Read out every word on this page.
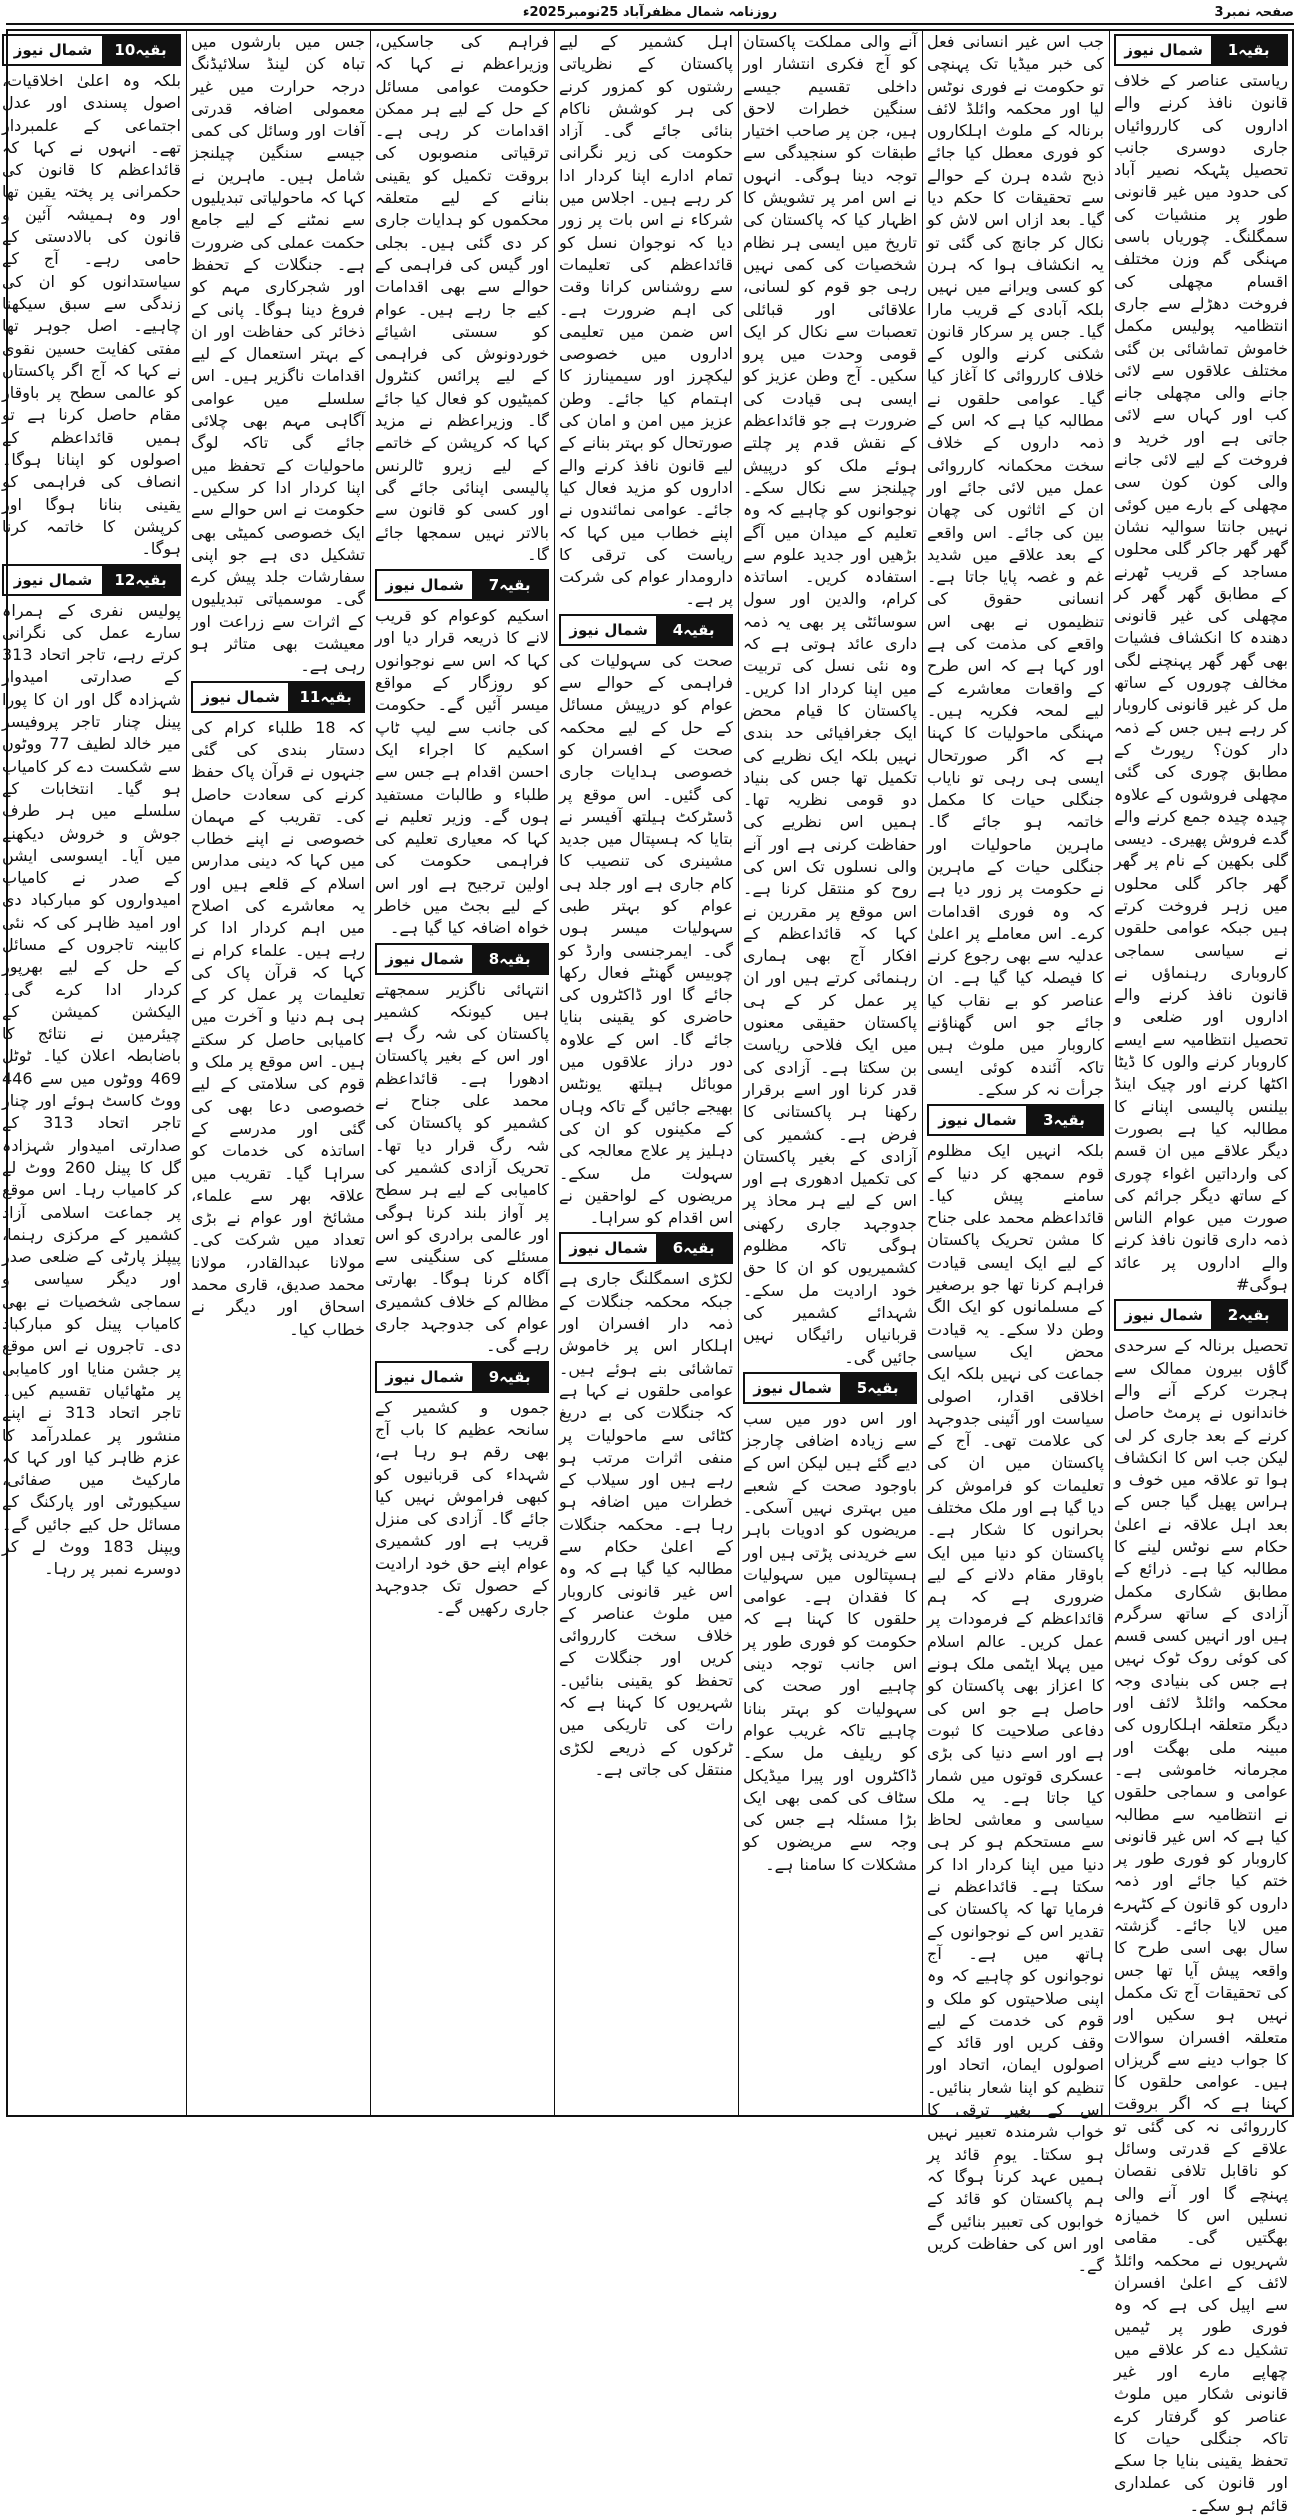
صفحہ نمبر3
روزنامہ شمال مظفرآباد 25نومبر2025ء
بقیہ1
شمال نیوز
ریاستی عناصر کے خلاف قانون نافذ کرنے والے اداروں کی کارروائیاں جاری دوسری جانب تحصیل پٹہکہ نصیر آباد کی حدود میں غیر قانونی طور پر منشیات کی سمگلنگ۔ چوریاں باسی مہنگی گم وزن مختلف اقسام مچھلی کی فروخت دھڑلے سے جاری انتظامیہ پولیس مکمل خاموش تماشائی بن گئی مختلف علاقوں سے لائی جانے والی مچھلی جانے کب اور کہاں سے لائی جاتی ہے اور خرید و فروخت کے لیے لائی جانے والی کون کون سی مچھلی کے بارے میں کوئی نہیں جانتا سوالیہ نشان گھر گھر جاکر گلی محلوں مساجد کے قریب ٹھرنے کے مطابق گھر گھر کر مچھلی کی غیر قانونی دھندہ کا انکشاف فشیات بھی گھر گھر پہنچنے لگی مخالف چوروں کے ساتھ مل کر غیر قانونی کاروبار کر رہے ہیں جس کے ذمہ دار کون؟ رپورٹ کے مطابق چوری کی گئی مچھلی فروشوں کے علاوہ چیدہ چیدہ جمع کرنے والے گدے فروش پھیری۔ دیسی گلی بکھین کے نام پر گھر گھر جاکر گلی محلوں میں زہر فروخت کرتے ہیں جبکہ عوامی حلقوں نے سیاسی سماجی کاروباری رہنماؤں نے قانون نافذ کرنے والے اداروں اور ضلعی و تحصیل انتظامیہ سے ایسے کاروبار کرنے والوں کا ڈیٹا اکٹھا کرنے اور چیک اینڈ بیلنس پالیسی اپنانے کا مطالبہ کیا ہے بصورت دیگر علاقے میں ان قسم کی وارداتیں اغواء چوری کے ساتھ دیگر جرائم کی صورت میں عوام الناس ذمہ داری قانون نافذ کرنے والے اداروں پر عائد ہوگی#
بقیہ2
شمال نیوز
تحصیل برنالہ کے سرحدی گاؤں بیرون ممالک سے ہجرت کرکے آنے والے خاندانوں نے پرمٹ حاصل کرنے کے بعد جاری کر لی لیکن جب اس کا انکشاف ہوا تو علاقہ میں خوف و ہراس پھیل گیا جس کے بعد اہل علاقہ نے اعلیٰ حکام سے نوٹس لینے کا مطالبہ کیا ہے۔ ذرائع کے مطابق شکاری مکمل آزادی کے ساتھ سرگرم ہیں اور انہیں کسی قسم کی کوئی روک ٹوک نہیں ہے جس کی بنیادی وجہ محکمہ وائلڈ لائف اور دیگر متعلقہ اہلکاروں کی مبینہ ملی بھگت اور مجرمانہ خاموشی ہے۔ عوامی و سماجی حلقوں نے انتظامیہ سے مطالبہ کیا ہے کہ اس غیر قانونی کاروبار کو فوری طور پر ختم کیا جائے اور ذمہ داروں کو قانون کے کٹہرے میں لایا جائے۔ گزشتہ سال بھی اسی طرح کا واقعہ پیش آیا تھا جس کی تحقیقات آج تک مکمل نہیں ہو سکیں اور متعلقہ افسران سوالات کا جواب دینے سے گریزاں ہیں۔ عوامی حلقوں کا کہنا ہے کہ اگر بروقت کارروائی نہ کی گئی تو علاقے کے قدرتی وسائل کو ناقابل تلافی نقصان پہنچے گا اور آنے والی نسلیں اس کا خمیازہ بھگتیں گی۔ مقامی شہریوں نے محکمہ وائلڈ لائف کے اعلیٰ افسران سے اپیل کی ہے کہ وہ فوری طور پر ٹیمیں تشکیل دے کر علاقے میں چھاپے مارے اور غیر قانونی شکار میں ملوث عناصر کو گرفتار کرے تاکہ جنگلی حیات کا تحفظ یقینی بنایا جا سکے اور قانون کی عملداری قائم ہو سکے۔
جب اس غیر انسانی فعل کی خبر میڈیا تک پہنچی تو حکومت نے فوری نوٹس لیا اور محکمہ وائلڈ لائف برنالہ کے ملوث اہلکاروں کو فوری معطل کیا جائے ذبح شدہ ہرن کے حوالے سے تحقیقات کا حکم دیا گیا۔ بعد ازاں اس لاش کو نکال کر جانچ کی گئی تو یہ انکشاف ہوا کہ ہرن کو کسی ویرانے میں نہیں بلکہ آبادی کے قریب مارا گیا۔ جس پر سرکار قانون شکنی کرنے والوں کے خلاف کارروائی کا آغاز کیا گیا۔ عوامی حلقوں نے مطالبہ کیا ہے کہ اس کے ذمہ داروں کے خلاف سخت محکمانہ کارروائی عمل میں لائی جائے اور ان کے اثاثوں کی چھان بین کی جائے۔ اس واقعے کے بعد علاقے میں شدید غم و غصہ پایا جاتا ہے۔ انسانی حقوق کی تنظیموں نے بھی اس واقعے کی مذمت کی ہے اور کہا ہے کہ اس طرح کے واقعات معاشرے کے لیے لمحہ فکریہ ہیں۔ مہنگی ماحولیات کا کہنا ہے کہ اگر صورتحال ایسی ہی رہی تو نایاب جنگلی حیات کا مکمل خاتمہ ہو جائے گا۔ ماہرین ماحولیات اور جنگلی حیات کے ماہرین نے حکومت پر زور دیا ہے کہ وہ فوری اقدامات کرے۔ اس معاملے پر اعلیٰ عدلیہ سے بھی رجوع کرنے کا فیصلہ کیا گیا ہے۔ ان عناصر کو بے نقاب کیا جائے جو اس گھناؤنے کاروبار میں ملوث ہیں تاکہ آئندہ کوئی ایسی جرأت نہ کر سکے۔
بقیہ3
شمال نیوز
بلکہ انہیں ایک مظلوم قوم سمجھ کر دنیا کے سامنے پیش کیا۔ قائداعظم محمد علی جناح کا مشن تحریک پاکستان کے لیے ایک ایسی قیادت فراہم کرنا تھا جو برصغیر کے مسلمانوں کو ایک الگ وطن دلا سکے۔ یہ قیادت محض ایک سیاسی جماعت کی نہیں بلکہ ایک اخلاقی اقدار، اصولی سیاست اور آئینی جدوجہد کی علامت تھی۔ آج کے پاکستان میں ان کی تعلیمات کو فراموش کر دیا گیا ہے اور ملک مختلف بحرانوں کا شکار ہے۔ پاکستان کو دنیا میں ایک باوقار مقام دلانے کے لیے ضروری ہے کہ ہم قائداعظم کے فرمودات پر عمل کریں۔ عالم اسلام میں پہلا ایٹمی ملک ہونے کا اعزاز بھی پاکستان کو حاصل ہے جو اس کی دفاعی صلاحیت کا ثبوت ہے اور اسے دنیا کی بڑی عسکری قوتوں میں شمار کیا جاتا ہے۔ یہ ملک سیاسی و معاشی لحاظ سے مستحکم ہو کر ہی دنیا میں اپنا کردار ادا کر سکتا ہے۔ قائداعظم نے فرمایا تھا کہ پاکستان کی تقدیر اس کے نوجوانوں کے ہاتھ میں ہے۔ آج نوجوانوں کو چاہیے کہ وہ اپنی صلاحیتوں کو ملک و قوم کی خدمت کے لیے وقف کریں اور قائد کے اصولوں ایمان، اتحاد اور تنظیم کو اپنا شعار بنائیں۔ اس کے بغیر ترقی کا خواب شرمندہ تعبیر نہیں ہو سکتا۔ یومِ قائد پر ہمیں عہد کرنا ہوگا کہ ہم پاکستان کو قائد کے خوابوں کی تعبیر بنائیں گے اور اس کی حفاظت کریں گے۔
آنے والی مملکت پاکستان کو آج فکری انتشار اور داخلی تقسیم جیسے سنگین خطرات لاحق ہیں، جن پر صاحب اختیار طبقات کو سنجیدگی سے توجہ دینا ہوگی۔ انہوں نے اس امر پر تشویش کا اظہار کیا کہ پاکستان کی تاریخ میں ایسی ہر نظام شخصیات کی کمی نہیں رہی جو قوم کو لسانی، علاقائی اور قبائلی تعصبات سے نکال کر ایک قومی وحدت میں پرو سکیں۔ آج وطن عزیز کو ایسی ہی قیادت کی ضرورت ہے جو قائداعظم کے نقش قدم پر چلتے ہوئے ملک کو درپیش چیلنجز سے نکال سکے۔ نوجوانوں کو چاہیے کہ وہ تعلیم کے میدان میں آگے بڑھیں اور جدید علوم سے استفادہ کریں۔ اساتذہ کرام، والدین اور سول سوسائٹی پر بھی یہ ذمہ داری عائد ہوتی ہے کہ وہ نئی نسل کی تربیت میں اپنا کردار ادا کریں۔ پاکستان کا قیام محض ایک جغرافیائی حد بندی نہیں بلکہ ایک نظریے کی تکمیل تھا جس کی بنیاد دو قومی نظریہ تھا۔ ہمیں اس نظریے کی حفاظت کرنی ہے اور آنے والی نسلوں تک اس کی روح کو منتقل کرنا ہے۔ اس موقع پر مقررین نے کہا کہ قائداعظم کے افکار آج بھی ہماری رہنمائی کرتے ہیں اور ان پر عمل کر کے ہی پاکستان حقیقی معنوں میں ایک فلاحی ریاست بن سکتا ہے۔ آزادی کی قدر کرنا اور اسے برقرار رکھنا ہر پاکستانی کا فرض ہے۔ کشمیر کی آزادی کے بغیر پاکستان کی تکمیل ادھوری ہے اور اس کے لیے ہر محاذ پر جدوجہد جاری رکھنی ہوگی تاکہ مظلوم کشمیریوں کو ان کا حق خود ارادیت مل سکے۔ شہدائے کشمیر کی قربانیاں رائیگاں نہیں جائیں گی۔
بقیہ5
شمال نیوز
اور اس دور میں سب سے زیادہ اضافی چارجز دیے گئے ہیں لیکن اس کے باوجود صحت کے شعبے میں بہتری نہیں آسکی۔ مریضوں کو ادویات باہر سے خریدنی پڑتی ہیں اور ہسپتالوں میں سہولیات کا فقدان ہے۔ عوامی حلقوں کا کہنا ہے کہ حکومت کو فوری طور پر اس جانب توجہ دینی چاہیے اور صحت کی سہولیات کو بہتر بنانا چاہیے تاکہ غریب عوام کو ریلیف مل سکے۔ ڈاکٹروں اور پیرا میڈیکل سٹاف کی کمی بھی ایک بڑا مسئلہ ہے جس کی وجہ سے مریضوں کو مشکلات کا سامنا ہے۔
اہل کشمیر کے لیے پاکستان کے نظریاتی رشتوں کو کمزور کرنے کی ہر کوشش ناکام بنائی جائے گی۔ آزاد حکومت کی زیر نگرانی تمام ادارے اپنا کردار ادا کر رہے ہیں۔ اجلاس میں شرکاء نے اس بات پر زور دیا کہ نوجوان نسل کو قائداعظم کی تعلیمات سے روشناس کرانا وقت کی اہم ضرورت ہے۔ اس ضمن میں تعلیمی اداروں میں خصوصی لیکچرز اور سیمینارز کا اہتمام کیا جائے۔ وطن عزیز میں امن و امان کی صورتحال کو بہتر بنانے کے لیے قانون نافذ کرنے والے اداروں کو مزید فعال کیا جائے۔ عوامی نمائندوں نے اپنے خطاب میں کہا کہ ریاست کی ترقی کا دارومدار عوام کی شرکت پر ہے۔
بقیہ4
شمال نیوز
صحت کی سہولیات کی فراہمی کے حوالے سے عوام کو درپیش مسائل کے حل کے لیے محکمہ صحت کے افسران کو خصوصی ہدایات جاری کی گئیں۔ اس موقع پر ڈسٹرکٹ ہیلتھ آفیسر نے بتایا کہ ہسپتال میں جدید مشینری کی تنصیب کا کام جاری ہے اور جلد ہی عوام کو بہتر طبی سہولیات میسر ہوں گی۔ ایمرجنسی وارڈ کو چوبیس گھنٹے فعال رکھا جائے گا اور ڈاکٹروں کی حاضری کو یقینی بنایا جائے گا۔ اس کے علاوہ دور دراز علاقوں میں موبائل ہیلتھ یونٹس بھیجے جائیں گے تاکہ وہاں کے مکینوں کو ان کی دہلیز پر علاج معالجہ کی سہولت مل سکے۔ مریضوں کے لواحقین نے اس اقدام کو سراہا۔
بقیہ6
شمال نیوز
لکڑی اسمگلنگ جاری ہے جبکہ محکمہ جنگلات کے ذمہ دار افسران اور اہلکار اس پر خاموش تماشائی بنے ہوئے ہیں۔ عوامی حلقوں نے کہا ہے کہ جنگلات کی بے دریغ کٹائی سے ماحولیات پر منفی اثرات مرتب ہو رہے ہیں اور سیلاب کے خطرات میں اضافہ ہو رہا ہے۔ محکمہ جنگلات کے اعلیٰ حکام سے مطالبہ کیا گیا ہے کہ وہ اس غیر قانونی کاروبار میں ملوث عناصر کے خلاف سخت کارروائی کریں اور جنگلات کے تحفظ کو یقینی بنائیں۔ شہریوں کا کہنا ہے کہ رات کی تاریکی میں ٹرکوں کے ذریعے لکڑی منتقل کی جاتی ہے۔
فراہم کی جاسکیں، وزیراعظم نے کہا کہ حکومت عوامی مسائل کے حل کے لیے ہر ممکن اقدامات کر رہی ہے۔ ترقیاتی منصوبوں کی بروقت تکمیل کو یقینی بنانے کے لیے متعلقہ محکموں کو ہدایات جاری کر دی گئی ہیں۔ بجلی اور گیس کی فراہمی کے حوالے سے بھی اقدامات کیے جا رہے ہیں۔ عوام کو سستی اشیائے خوردونوش کی فراہمی کے لیے پرائس کنٹرول کمیٹیوں کو فعال کیا جائے گا۔ وزیراعظم نے مزید کہا کہ کرپشن کے خاتمے کے لیے زیرو ٹالرنس پالیسی اپنائی جائے گی اور کسی کو قانون سے بالاتر نہیں سمجھا جائے گا۔
بقیہ7
شمال نیوز
اسکیم کوعوام کو قریب لانے کا ذریعہ قرار دیا اور کہا کہ اس سے نوجوانوں کو روزگار کے مواقع میسر آئیں گے۔ حکومت کی جانب سے لیپ ٹاپ اسکیم کا اجراء ایک احسن اقدام ہے جس سے طلباء و طالبات مستفید ہوں گے۔ وزیر تعلیم نے کہا کہ معیاری تعلیم کی فراہمی حکومت کی اولین ترجیح ہے اور اس کے لیے بجٹ میں خاطر خواہ اضافہ کیا گیا ہے۔
بقیہ8
شمال نیوز
انتہائی ناگزیر سمجھتے ہیں کیونکہ کشمیر پاکستان کی شہ رگ ہے اور اس کے بغیر پاکستان ادھورا ہے۔ قائداعظم محمد علی جناح نے کشمیر کو پاکستان کی شہ رگ قرار دیا تھا۔ تحریک آزادی کشمیر کی کامیابی کے لیے ہر سطح پر آواز بلند کرنا ہوگی اور عالمی برادری کو اس مسئلے کی سنگینی سے آگاہ کرنا ہوگا۔ بھارتی مظالم کے خلاف کشمیری عوام کی جدوجہد جاری رہے گی۔
بقیہ9
شمال نیوز
جموں و کشمیر کے سانحہ عظیم کا باب آج بھی رقم ہو رہا ہے، شہداء کی قربانیوں کو کبھی فراموش نہیں کیا جائے گا۔ آزادی کی منزل قریب ہے اور کشمیری عوام اپنے حق خود ارادیت کے حصول تک جدوجہد جاری رکھیں گے۔
جس میں بارشوں میں تباہ کن لینڈ سلائیڈنگ درجہ حرارت میں غیر معمولی اضافہ قدرتی آفات اور وسائل کی کمی جیسے سنگین چیلنجز شامل ہیں۔ ماہرین نے کہا کہ ماحولیاتی تبدیلیوں سے نمٹنے کے لیے جامع حکمت عملی کی ضرورت ہے۔ جنگلات کے تحفظ اور شجرکاری مہم کو فروغ دینا ہوگا۔ پانی کے ذخائر کی حفاظت اور ان کے بہتر استعمال کے لیے اقدامات ناگزیر ہیں۔ اس سلسلے میں عوامی آگاہی مہم بھی چلائی جائے گی تاکہ لوگ ماحولیات کے تحفظ میں اپنا کردار ادا کر سکیں۔ حکومت نے اس حوالے سے ایک خصوصی کمیٹی بھی تشکیل دی ہے جو اپنی سفارشات جلد پیش کرے گی۔ موسمیاتی تبدیلیوں کے اثرات سے زراعت اور معیشت بھی متاثر ہو رہی ہے۔
بقیہ11
شمال نیوز
کہ 18 طلباء کرام کی دستار بندی کی گئی جنہوں نے قرآن پاک حفظ کرنے کی سعادت حاصل کی۔ تقریب کے مہمان خصوصی نے اپنے خطاب میں کہا کہ دینی مدارس اسلام کے قلعے ہیں اور یہ معاشرے کی اصلاح میں اہم کردار ادا کر رہے ہیں۔ علماء کرام نے کہا کہ قرآن پاک کی تعلیمات پر عمل کر کے ہی ہم دنیا و آخرت میں کامیابی حاصل کر سکتے ہیں۔ اس موقع پر ملک و قوم کی سلامتی کے لیے خصوصی دعا بھی کی گئی اور مدرسے کے اساتذہ کی خدمات کو سراہا گیا۔ تقریب میں علاقہ بھر سے علماء، مشائخ اور عوام نے بڑی تعداد میں شرکت کی۔ مولانا عبدالقادر، مولانا محمد صدیق، قاری محمد اسحاق اور دیگر نے خطاب کیا۔
بقیہ10
شمال نیوز
بلکہ وہ اعلیٰ اخلاقیات، اصول پسندی اور عدل اجتماعی کے علمبردار تھے۔ انہوں نے کہا کہ قائداعظم کا قانون کی حکمرانی پر پختہ یقین تھا اور وہ ہمیشہ آئین و قانون کی بالادستی کے حامی رہے۔ آج کے سیاستدانوں کو ان کی زندگی سے سبق سیکھنا چاہیے۔ اصل جوہر تھا مفتی کفایت حسین نقوی نے کہا کہ آج اگر پاکستان کو عالمی سطح پر باوقار مقام حاصل کرنا ہے تو ہمیں قائداعظم کے اصولوں کو اپنانا ہوگا۔ انصاف کی فراہمی کو یقینی بنانا ہوگا اور کرپشن کا خاتمہ کرنا ہوگا۔
بقیہ12
شمال نیوز
پولیس نفری کے ہمراہ سارے عمل کی نگرانی کرتے رہے، تاجر اتحاد 313 کے صدارتی امیدوار شہزادہ گل اور ان کا پورا پینل چنار تاجر پروفیسر میر خالد لطیف 77 ووٹوں سے شکست دے کر کامیاب ہو گیا۔ انتخابات کے سلسلے میں ہر طرف جوش و خروش دیکھنے میں آیا۔ ایسوسی ایشن کے صدر نے کامیاب امیدواروں کو مبارکباد دی اور امید ظاہر کی کہ نئی کابینہ تاجروں کے مسائل کے حل کے لیے بھرپور کردار ادا کرے گی۔ الیکشن کمیشن کے چیئرمین نے نتائج کا باضابطہ اعلان کیا۔ ٹوٹل 469 ووٹوں میں سے 446 ووٹ کاسٹ ہوئے اور چنار تاجر اتحاد 313 کے صدارتی امیدوار شہزادہ گل کا پینل 260 ووٹ لے کر کامیاب رہا۔ اس موقع پر جماعت اسلامی آزاد کشمیر کے مرکزی رہنما، پیپلز پارٹی کے ضلعی صدر اور دیگر سیاسی و سماجی شخصیات نے بھی کامیاب پینل کو مبارکباد دی۔ تاجروں نے اس موقع پر جشن منایا اور کامیابی پر مٹھائیاں تقسیم کیں۔ تاجر اتحاد 313 نے اپنے منشور پر عملدرآمد کا عزم ظاہر کیا اور کہا کہ مارکیٹ میں صفائی، سیکیورٹی اور پارکنگ کے مسائل حل کیے جائیں گے۔ ویپنل 183 ووٹ لے کر دوسرے نمبر پر رہا۔
